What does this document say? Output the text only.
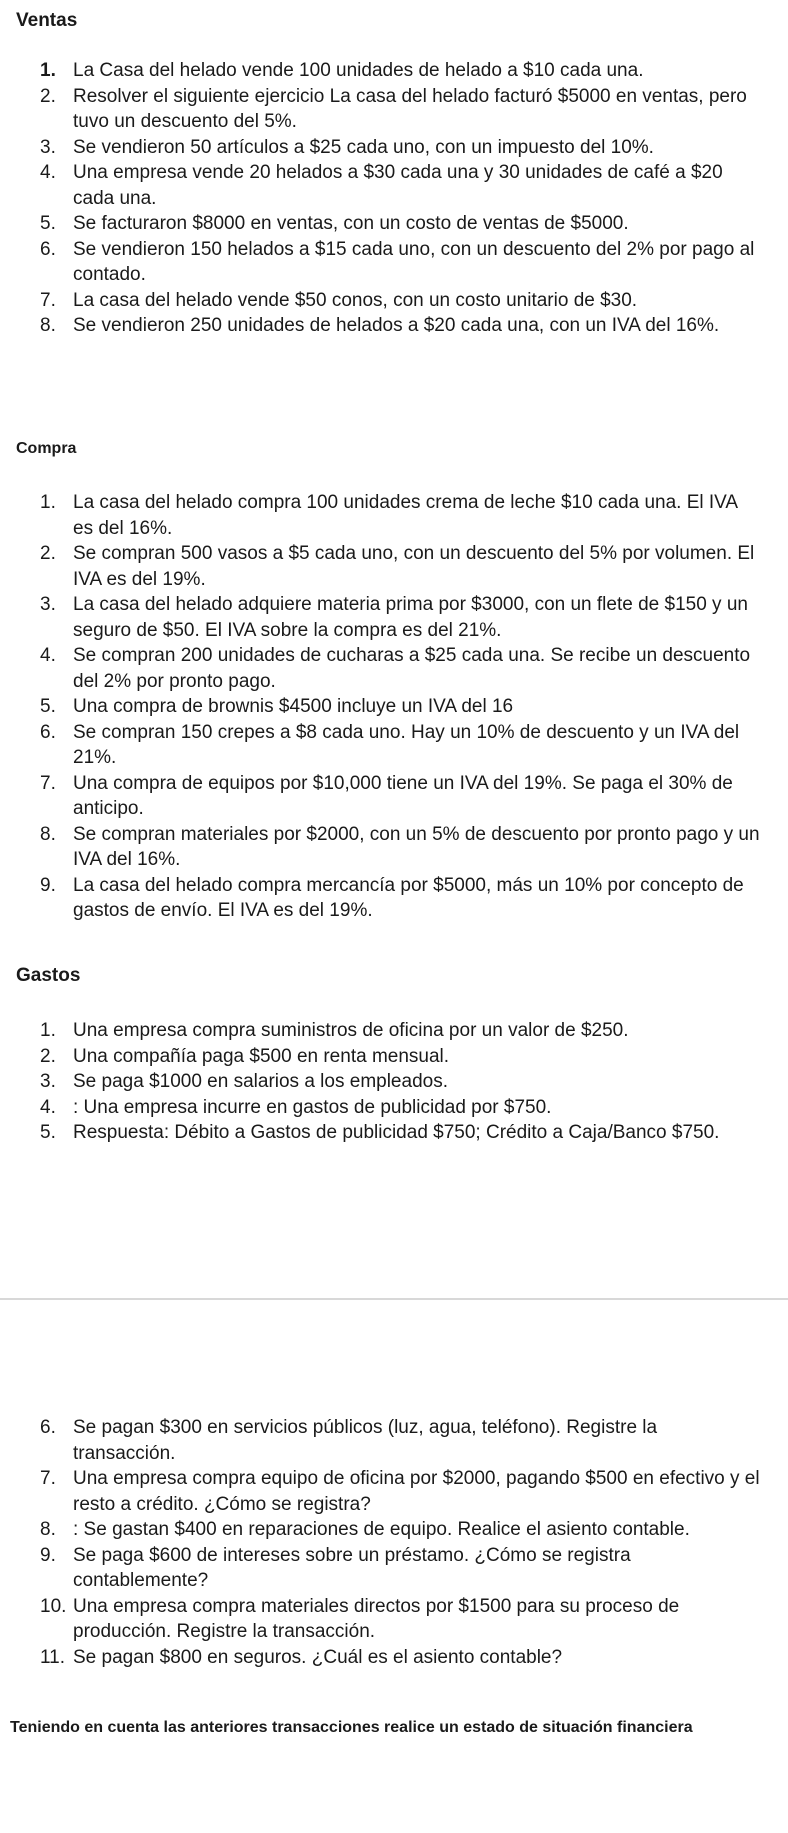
Ventas
1. La Casa del helado vende 100 unidades de helado a $10 cada una.
2. Resolver el siguiente ejercicio La casa del helado facturó $5000 en ventas, pero tuvo un descuento del 5%.
3. Se vendieron 50 artículos a $25 cada uno, con un impuesto del 10%.
4. Una empresa vende 20 helados a $30 cada una y 30 unidades de café a $20 cada una.
5. Se facturaron $8000 en ventas, con un costo de ventas de $5000.
6. Se vendieron 150 helados a $15 cada uno, con un descuento del 2% por pago al contado.
7. La casa del helado vende $50 conos, con un costo unitario de $30.
8. Se vendieron 250 unidades de helados a $20 cada una, con un IVA del 16%.
Compra
1. La casa del helado compra 100 unidades crema de leche $10 cada una. El IVA es del 16%.
2. Se compran 500 vasos a $5 cada uno, con un descuento del 5% por volumen. El IVA es del 19%.
3. La casa del helado adquiere materia prima por $3000, con un flete de $150 y un seguro de $50. El IVA sobre la compra es del 21%.
4. Se compran 200 unidades de cucharas a $25 cada una. Se recibe un descuento del 2% por pronto pago.
5. Una compra de brownis $4500 incluye un IVA del 16
6. Se compran 150 crepes a $8 cada uno. Hay un 10% de descuento y un IVA del 21%.
7. Una compra de equipos por $10,000 tiene un IVA del 19%. Se paga el 30% de anticipo.
8. Se compran materiales por $2000, con un 5% de descuento por pronto pago y un IVA del 16%.
9. La casa del helado compra mercancía por $5000, más un 10% por concepto de gastos de envío. El IVA es del 19%.
Gastos
1. Una empresa compra suministros de oficina por un valor de $250.
2. Una compañía paga $500 en renta mensual.
3. Se paga $1000 en salarios a los empleados.
4. : Una empresa incurre en gastos de publicidad por $750.
5. Respuesta: Débito a Gastos de publicidad $750; Crédito a Caja/Banco $750.
6. Se pagan $300 en servicios públicos (luz, agua, teléfono). Registre la transacción.
7. Una empresa compra equipo de oficina por $2000, pagando $500 en efectivo y el resto a crédito. ¿Cómo se registra?
8. : Se gastan $400 en reparaciones de equipo. Realice el asiento contable.
9. Se paga $600 de intereses sobre un préstamo. ¿Cómo se registra contablemente?
10. Una empresa compra materiales directos por $1500 para su proceso de producción. Registre la transacción.
11. Se pagan $800 en seguros. ¿Cuál es el asiento contable?

Teniendo en cuenta las anteriores transacciones realice un estado de situación financiera
